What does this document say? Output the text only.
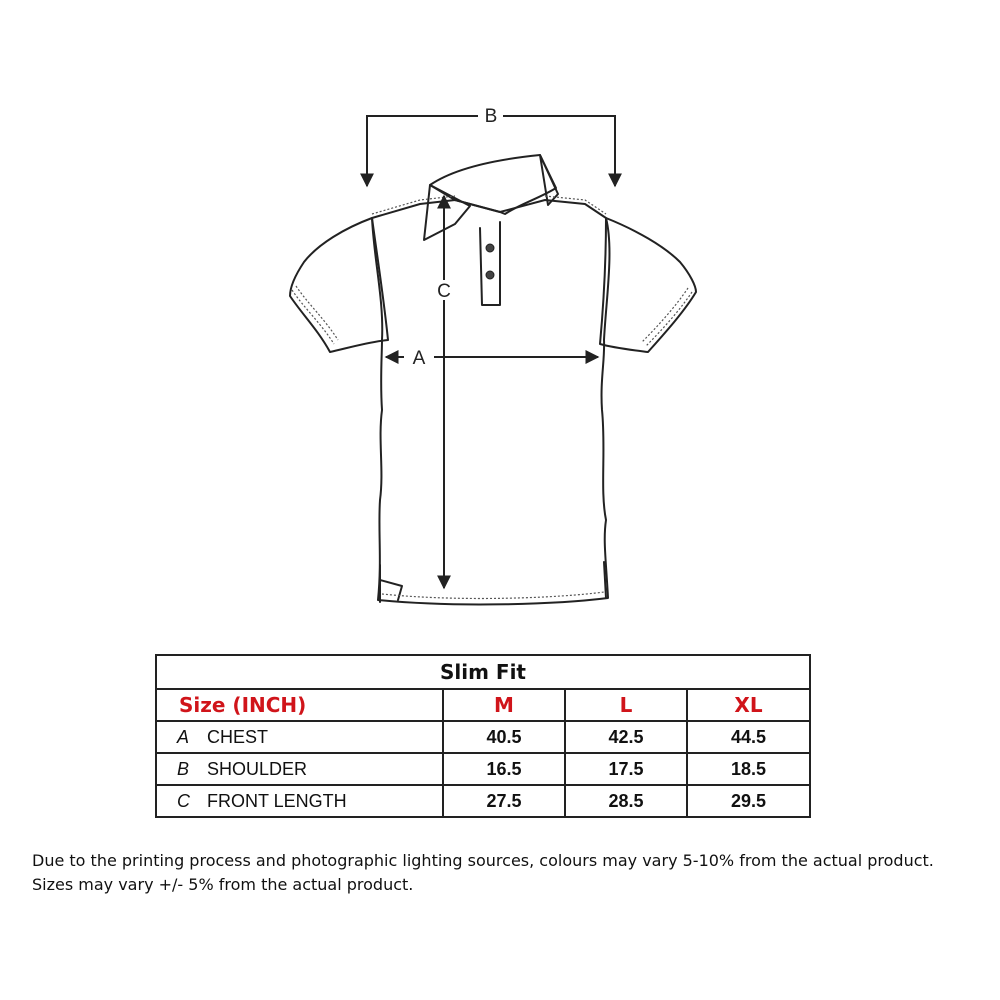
B
A
C
Slim Fit			
Size (INCH)	M	L	XL
A CHEST	40.5	42.5	44.5
B SHOULDER	16.5	17.5	18.5
C FRONT LENGTH	27.5	28.5	29.5
Due to the printing process and photographic lighting sources, colours may vary 5-10% from the actual product.
Sizes may vary +/- 5% from the actual product.
